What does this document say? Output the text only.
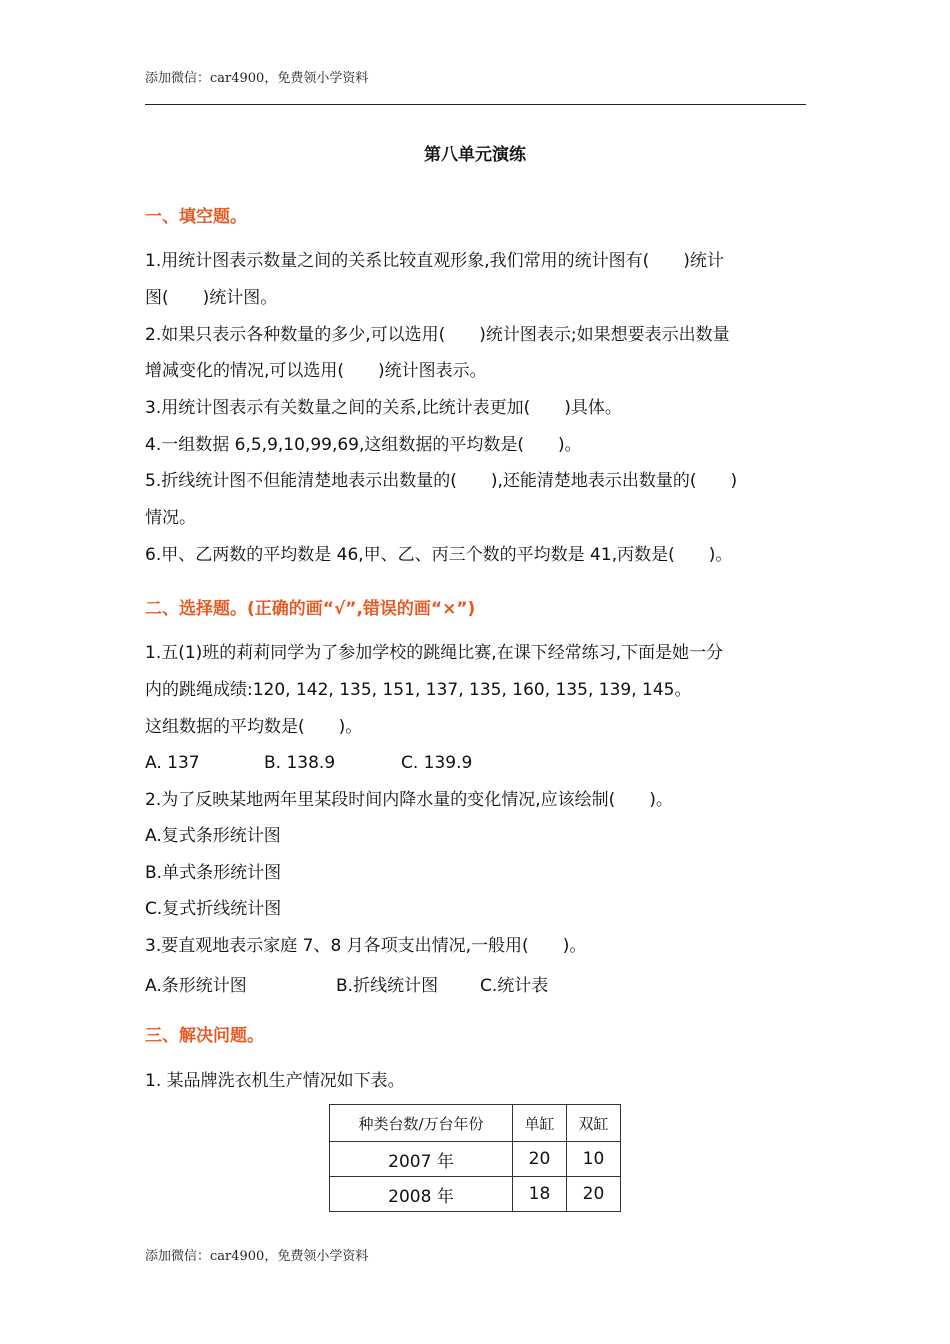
添加微信：car4900，免费领小学资料
第八单元演练
一、填空题。
1.用统计图表示数量之间的关系比较直观形象,我们常用的统计图有(　　)统计
图(　　)统计图。
2.如果只表示各种数量的多少,可以选用(　　)统计图表示;如果想要表示出数量
增减变化的情况,可以选用(　　)统计图表示。
3.用统计图表示有关数量之间的关系,比统计表更加(　　)具体。
4.一组数据 6,5,9,10,99,69,这组数据的平均数是(　　)。
5.折线统计图不但能清楚地表示出数量的(　　),还能清楚地表示出数量的(　　)
情况。
6.甲、乙两数的平均数是 46,甲、乙、丙三个数的平均数是 41,丙数是(　　)。
二、选择题。(正确的画“√”,错误的画“×”)
1.五(1)班的莉莉同学为了参加学校的跳绳比赛,在课下经常练习,下面是她一分
内的跳绳成绩:120, 142, 135, 151, 137, 135, 160, 135, 139, 145。
这组数据的平均数是(　　)。
A. 137	B. 138.9	C. 139.9
2.为了反映某地两年里某段时间内降水量的变化情况,应该绘制(　　)。
A.复式条形统计图
B.单式条形统计图
C.复式折线统计图
3.要直观地表示家庭 7、8 月各项支出情况,一般用(　　)。
A.条形统计图	B.折线统计图 C.统计表
三、解决问题。
1. 某品牌洗衣机生产情况如下表。
种类台数/万台年份	单缸	双缸
2007 年	20	10
2008 年	18	20
添加微信：car4900，免费领小学资料
